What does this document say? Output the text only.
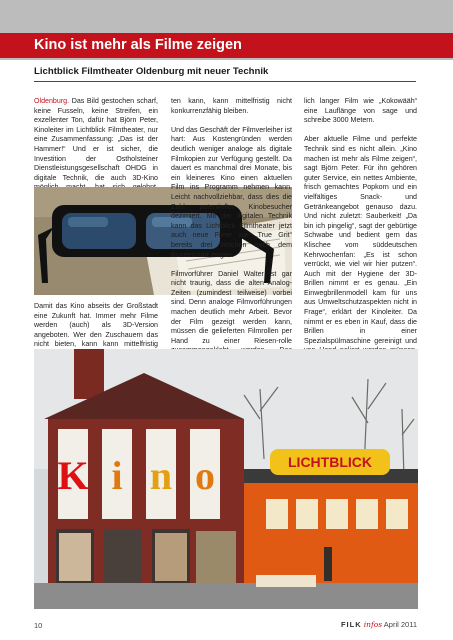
Kino ist mehr als Filme zeigen
Lichtblick Filmtheater Oldenburg mit neuer Technik

Oldenburg. Das Bild gestochen scharf, keine Fusseln, keine Streifen, ein exzellenter Ton, dafür hat Björn Peter, Kinoleiter im Lichtblick Filmtheater, nur eine Zusammenfassung: „Das ist der Hammer!“ Und er ist sicher, die Investition der Ostholsteiner Dienstleistungsgesellschaft OHDG in digitale Technik, die auch 3D-Kino

Damit das Kino abseits der Großstadt eine Zukunft hat. Immer mehr Filme werden (auch) als 3D-Version angeboten. Wer den Zuschauern das nicht bieten, kann kann mittelfristig

ten kann, kann mittelfristig nicht konkurrenzfähig bleiben.

Und das Geschäft der Filmverleiher ist hart: Aus Kostengründen werden deutlich weniger analoge als digitale Filmkopien zur Verfügung gestellt. Da dauert es manchmal drei Monate, bis ein kleineres Kino einen aktuellen Film ins Programm nehmen kann. Leicht nachvollziehbar, dass dies die Zahl potentieller Kinobesucher dezimiert. Mit der digitalen Technik kann das Lichtblick Filmtheater jetzt auch neue Filme wie „True Grit“ bereits drei Wochen nach dem Bundesstart zeigen.

Filmvorführer Daniel Walter ist gar nicht traurig, dass die alten Analog-Zeiten (zumindest teilweise) vorbei sind. Denn analoge Filmvorführungen machen deutlich mehr Arbeit. Bevor der Film gezeigt werden kann, müssen die gelieferten Filmrollen per Hand zu einer Riesen-rolle

lich langer Film wie „Kokowääh“ eine Lauflänge von sage und schreibe 3000 Metern.

Aber aktuelle Filme und perfekte Technik sind es nicht allein. „Kino machen ist mehr als Filme zeigen“, sagt Björn Peter. Für ihn gehören guter Service, ein nettes Ambiente, frisch gemachtes Popkorn und ein vielfältiges Snack- und Getränkeangebot genauso dazu. Und nicht zuletzt: Sauberkeit! „Da bin ich pingelig“, sagt der gebürtige Schwabe und bedient gern das Klischee vom süddeutschen Kehrwochenfan: „Es ist schon verrückt, wie viel wir hier putzen“. Auch mit der Hygiene der 3D-Brillen nimmt er es genau. „Ein Einwegbrillenmodell kam für uns aus Umweltschutzaspekten nicht in Frage“, erklärt der Kinoleiter. Da nimmt er es eben in Kauf, dass die Brillen in einer Spezialspülmaschine gereinigt und

K i n o	LICHTBLICK
10	FILK infos April 2011
